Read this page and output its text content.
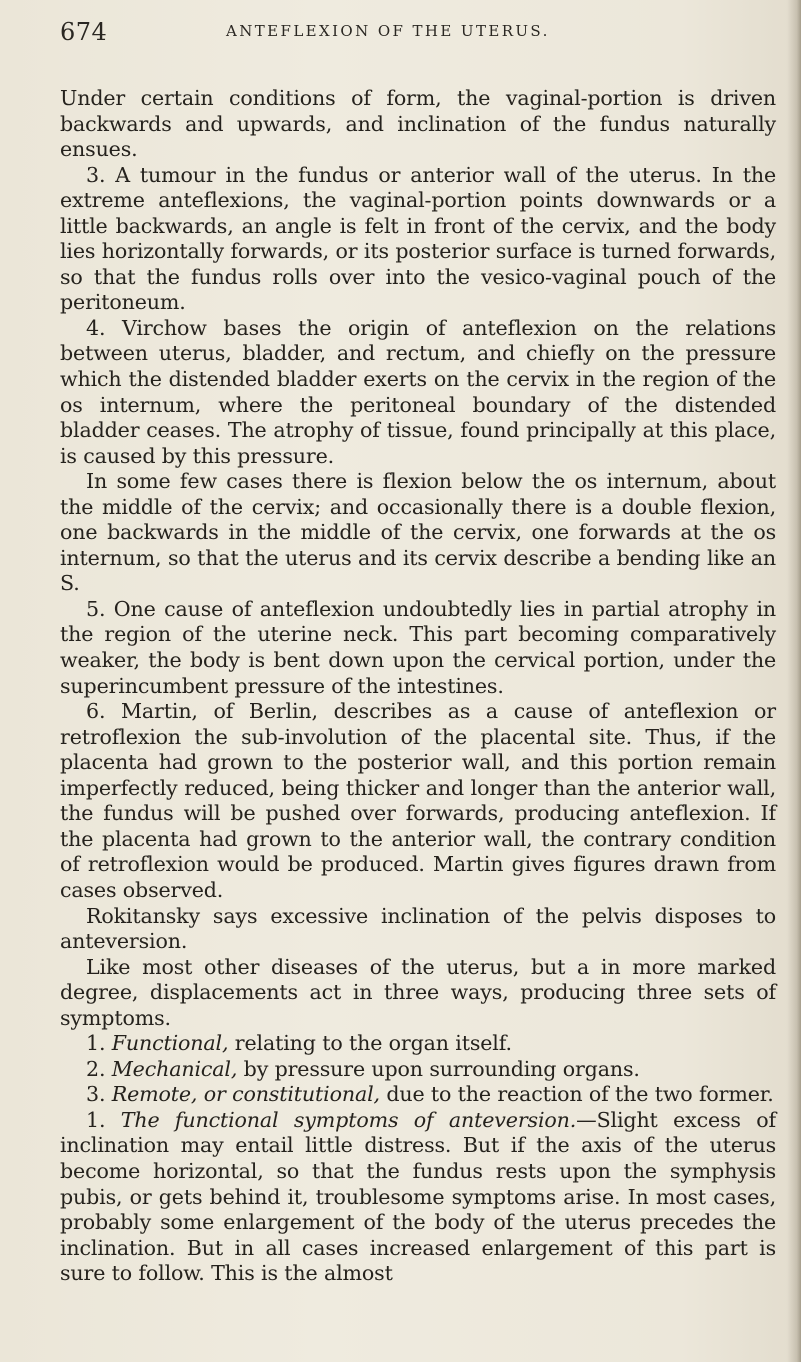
674	ANTEFLEXION OF THE UTERUS.

Under certain conditions of form, the vaginal-portion is driven backwards and upwards, and inclination of the fundus naturally ensues.

3. A tumour in the fundus or anterior wall of the uterus. In the extreme anteflexions, the vaginal-portion points downwards or a little backwards, an angle is felt in front of the cervix, and the body lies horizontally forwards, or its posterior surface is turned forwards, so that the fundus rolls over into the vesico-vaginal pouch of the peritoneum.

4. Virchow bases the origin of anteflexion on the relations between uterus, bladder, and rectum, and chiefly on the pressure which the distended bladder exerts on the cervix in the region of the os internum, where the peritoneal boundary of the distended bladder ceases. The atrophy of tissue, found principally at this place, is caused by this pressure.

In some few cases there is flexion below the os internum, about the middle of the cervix; and occasionally there is a double flexion, one backwards in the middle of the cervix, one forwards at the os internum, so that the uterus and its cervix describe a bending like an S.

5. One cause of anteflexion undoubtedly lies in partial atrophy in the region of the uterine neck. This part becoming comparatively weaker, the body is bent down upon the cervical portion, under the superincumbent pressure of the intestines.

6. Martin, of Berlin, describes as a cause of anteflexion or retroflexion the sub-involution of the placental site. Thus, if the placenta had grown to the posterior wall, and this portion remain imperfectly reduced, being thicker and longer than the anterior wall, the fundus will be pushed over forwards, producing anteflexion. If the placenta had grown to the anterior wall, the contrary condition of retroflexion would be produced. Martin gives figures drawn from cases observed.

Rokitansky says excessive inclination of the pelvis disposes to anteversion.

Like most other diseases of the uterus, but a in more marked degree, displacements act in three ways, producing three sets of symptoms.

1. Functional, relating to the organ itself.

2. Mechanical, by pressure upon surrounding organs.

3. Remote, or constitutional, due to the reaction of the two former.

1. The functional symptoms of anteversion.—Slight excess of inclination may entail little distress. But if the axis of the uterus become horizontal, so that the fundus rests upon the symphysis pubis, or gets behind it, troublesome symptoms arise. In most cases, probably some enlargement of the body of the uterus precedes the inclination. But in all cases increased enlargement of this part is sure to follow. This is the almost
